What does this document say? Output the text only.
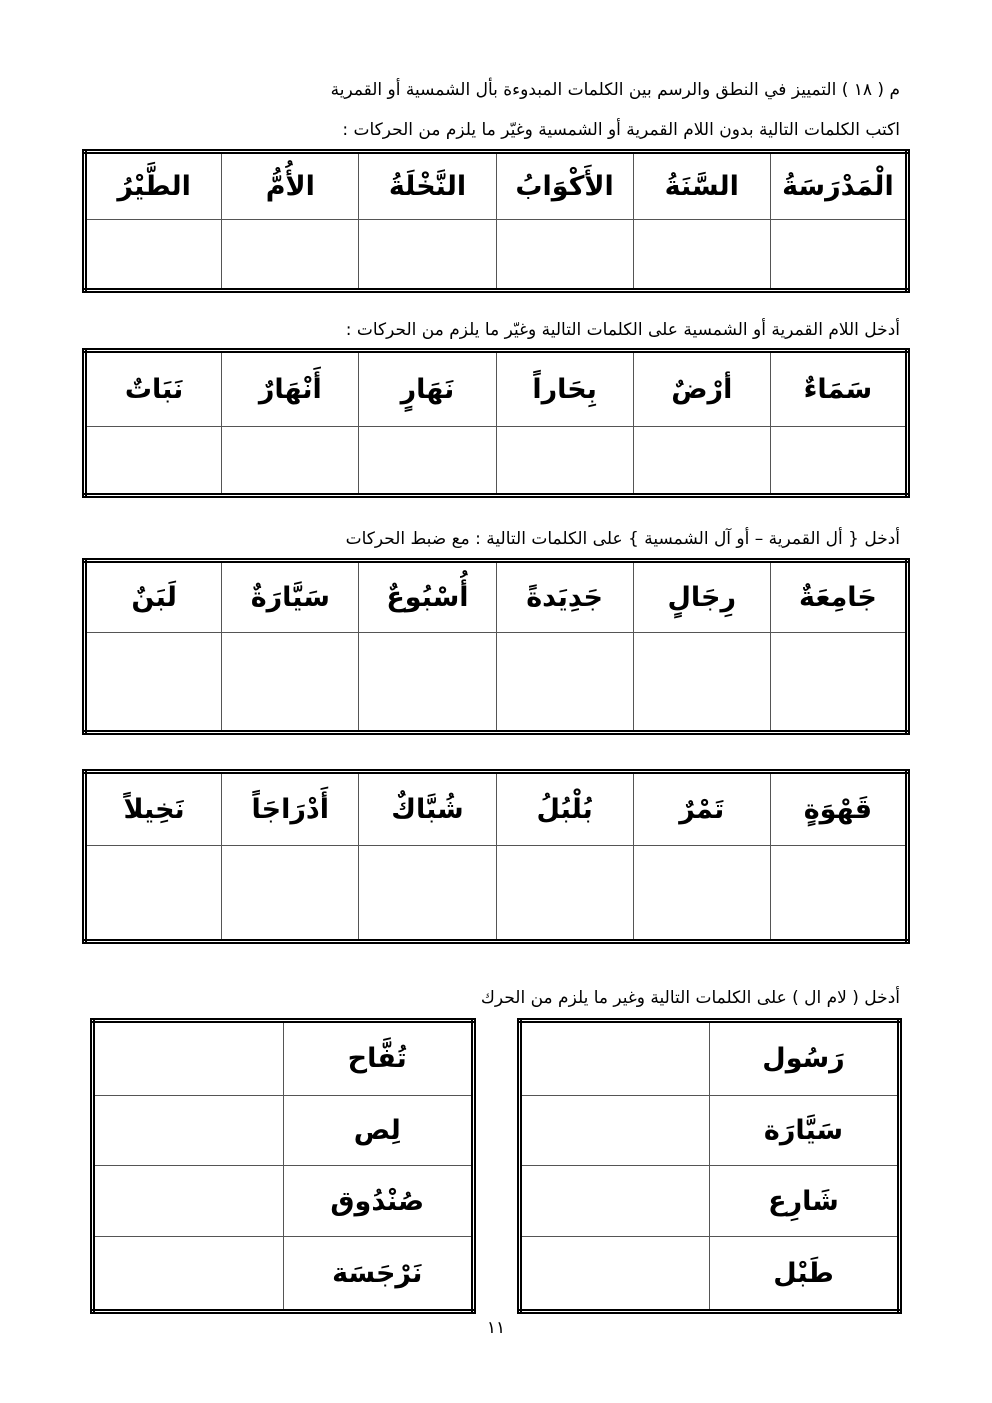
م ( ١٨ ) التمييز في النطق والرسم بين الكلمات المبدوءة بأل الشمسية أو القمرية
اكتب الكلمات التالية بدون اللام القمرية أو الشمسية وغيّر ما يلزم من الحركات :
الْمَدْرَسَةُ	السَّنَةُ	الأَكْوَابُ	النَّخْلَةُ	الأُمُّ	الطَّيْرُ

أدخل اللام القمرية أو الشمسية على الكلمات التالية وغيّر ما يلزم من الحركات :
سَمَاءٌ	أرْضٌ	بِحَاراً	نَهَارٍ	أَنْهَارٌ	نَبَاتٌ

أدخل { أل القمرية – أو آل الشمسية } على الكلمات التالية : مع ضبط الحركات
جَامِعَةٌ	رِجَالٍ	جَدِيَدةً	أُسْبُوعٌ	سَيَّارَةٌ	لَبَنٌ

قَهْوَةٍ	تَمْرٌ	بُلْبُلُ	شُبَّاكٌ	أَدْرَاجَاً	نَخِيلاً

أدخل ( لام ال ) على الكلمات التالية وغير ما يلزم من الحرك
رَسُول	
سَيَّارَة	
شَارِع	
طَبْل	
تُفَّاح	
لِص	
صُنْدُوق	
نَرْجَسَة	
١١
